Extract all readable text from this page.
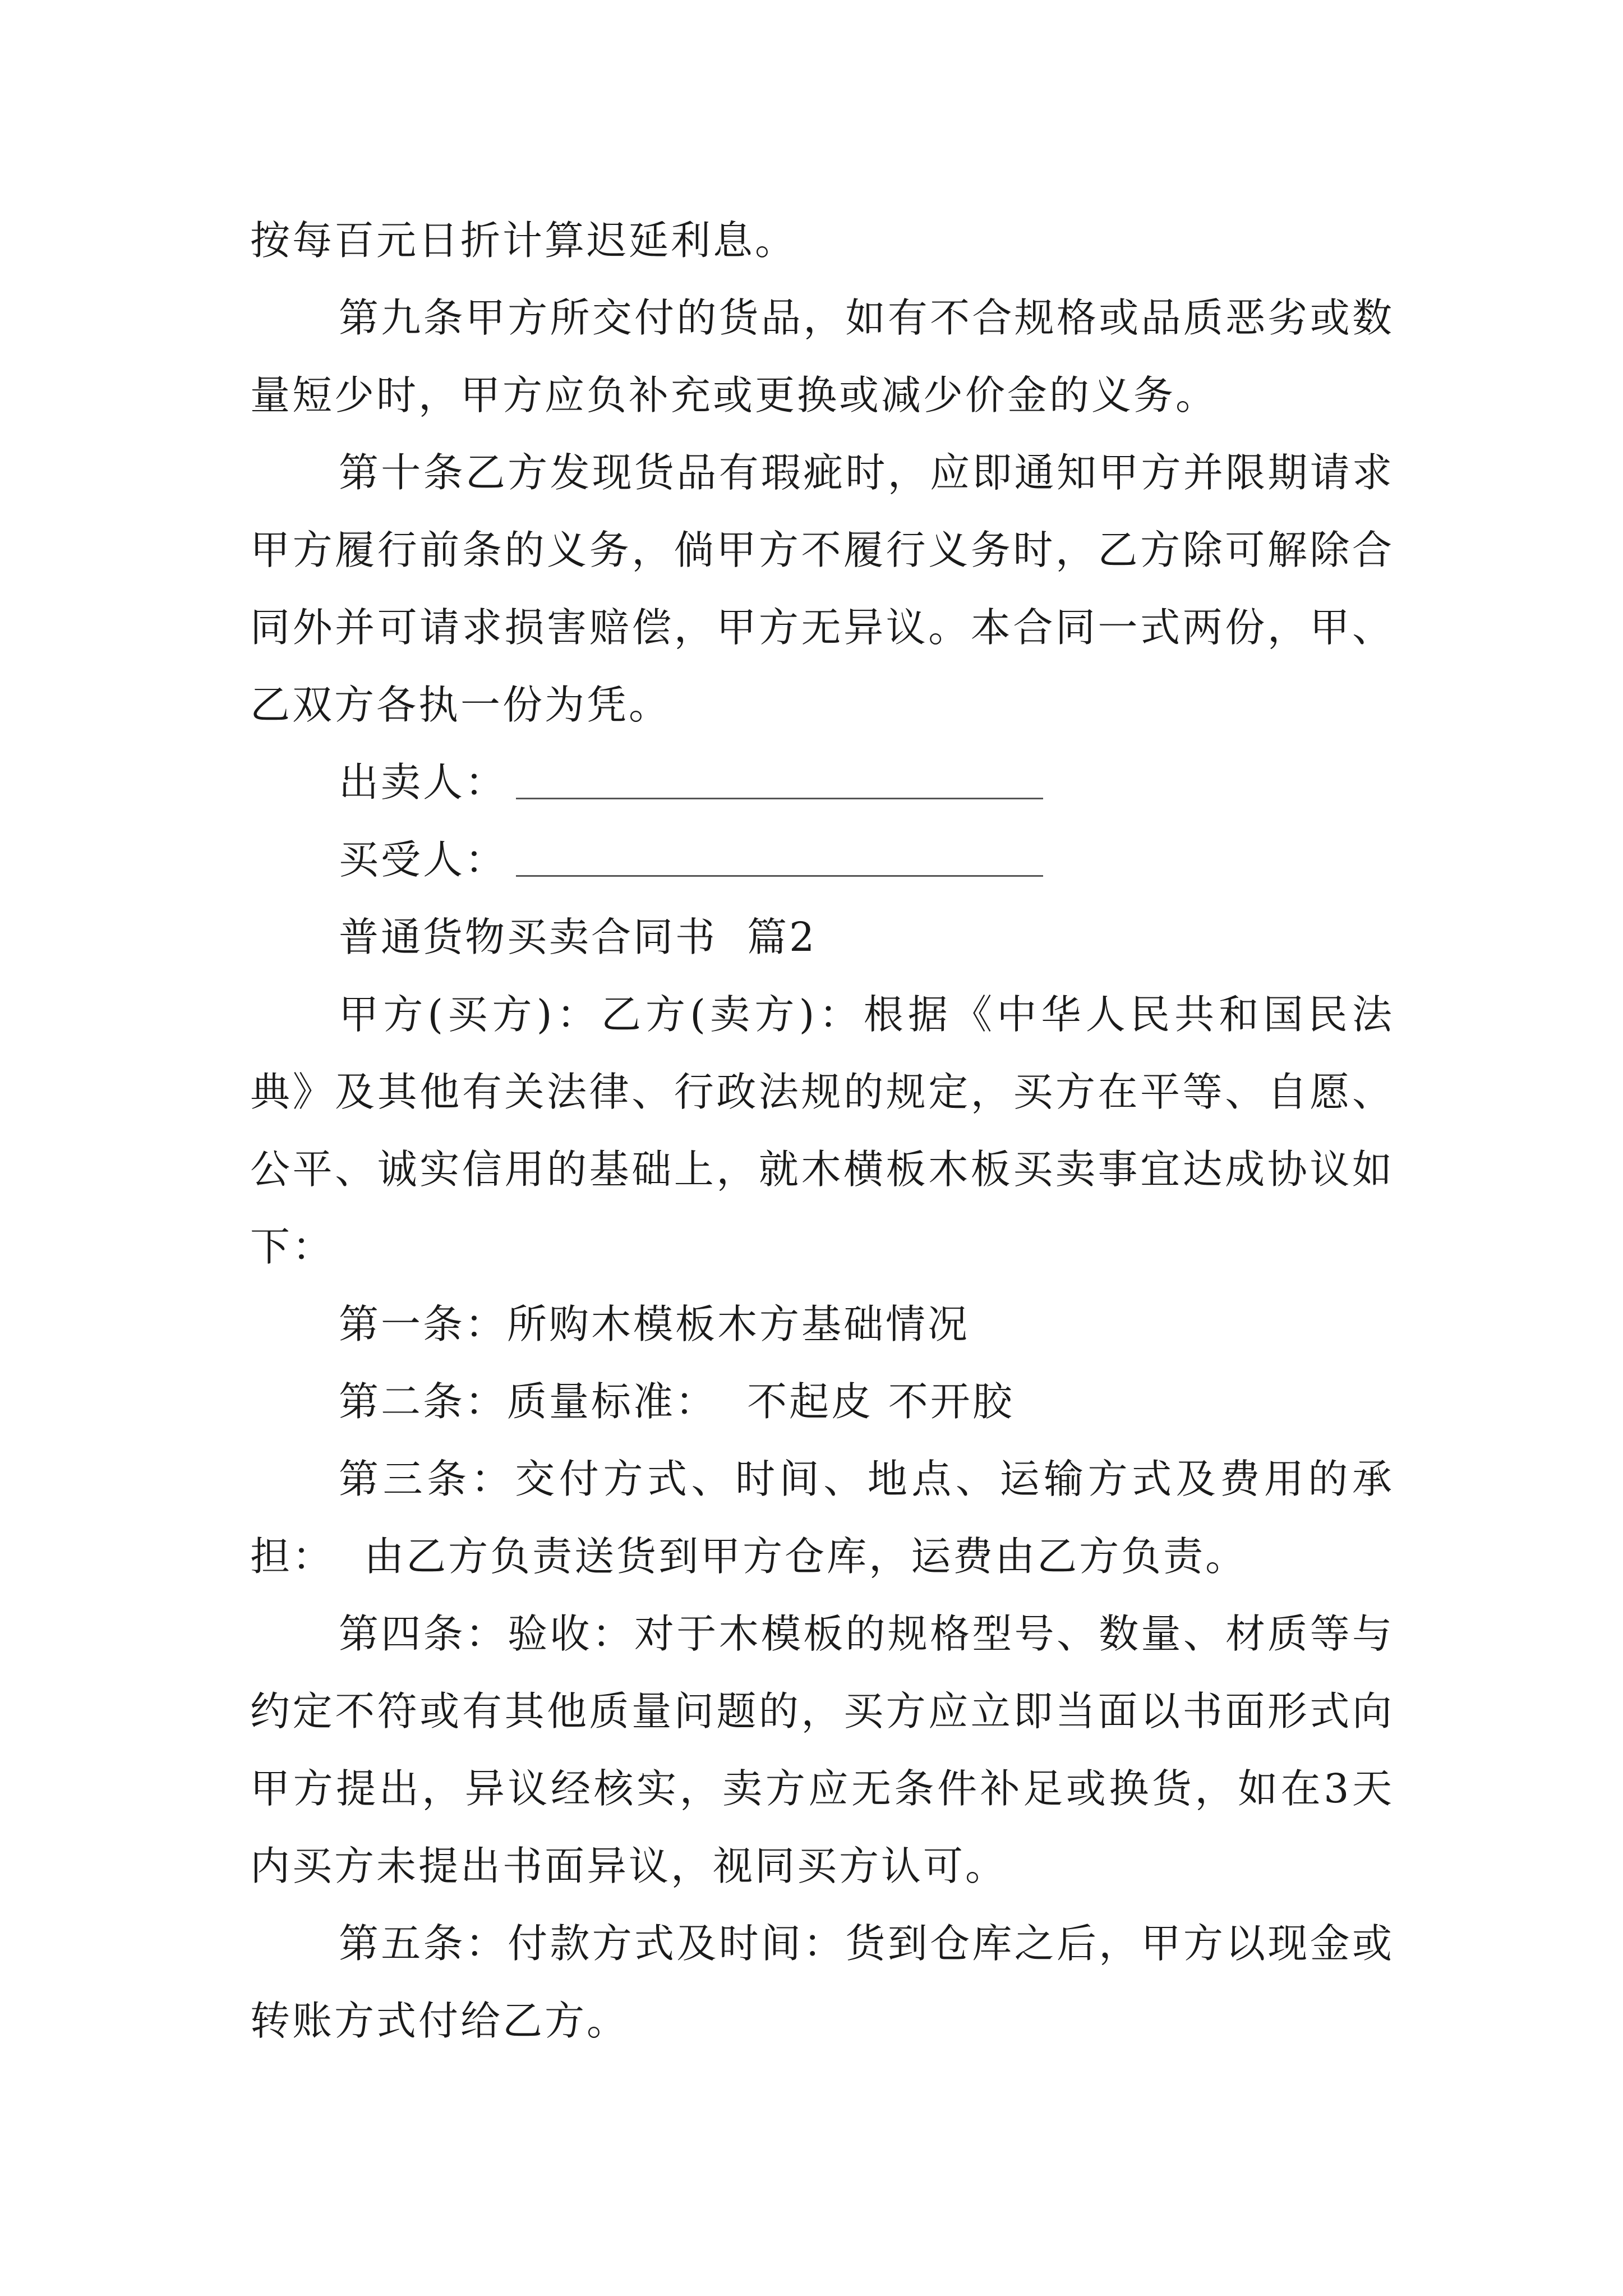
按每百元日折计算迟延利息。

第九条甲方所交付的货品，如有不合规格或品质恶劣或数量短少时，甲方应负补充或更换或减少价金的义务。

第十条乙方发现货品有瑕疵时，应即通知甲方并限期请求甲方履行前条的义务，倘甲方不履行义务时，乙方除可解除合同外并可请求损害赔偿，甲方无异议。本合同一式两份，甲、乙双方各执一份为凭。

出卖人：

买受人：

普通货物买卖合同书  篇2

甲方(买方)：乙方(卖方)：根据《中华人民共和国民法典》及其他有关法律、行政法规的规定，买方在平等、自愿、公平、诚实信用的基础上，就木横板木板买卖事宜达成协议如下：

第一条：所购木模板木方基础情况

第二条：质量标准：  不起皮 不开胶

第三条：交付方式、时间、地点、运输方式及费用的承担：  由乙方负责送货到甲方仓库，运费由乙方负责。

第四条：验收：对于木模板的规格型号、数量、材质等与约定不符或有其他质量问题的，买方应立即当面以书面形式向甲方提出，异议经核实，卖方应无条件补足或换货，如在3天内买方未提出书面异议，视同买方认可。

第五条：付款方式及时间：货到仓库之后，甲方以现金或转账方式付给乙方。
